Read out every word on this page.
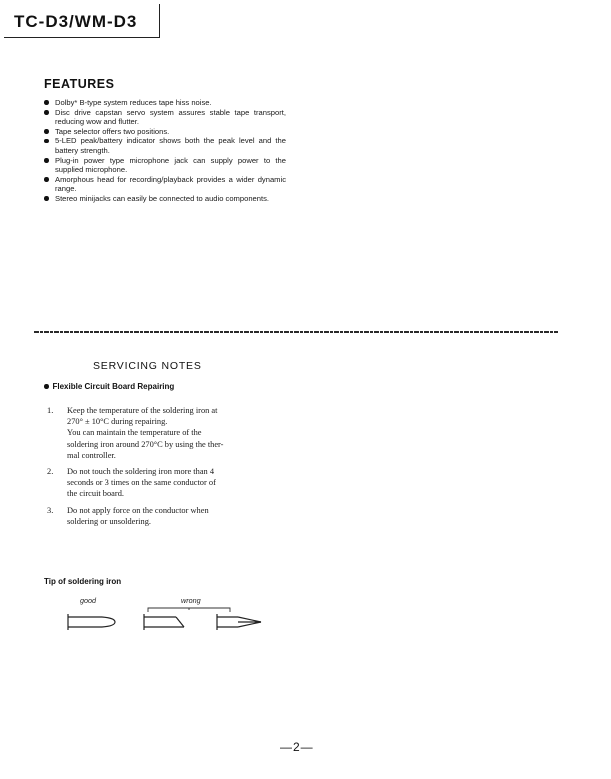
TC-D3/WM-D3
FEATURES
Dolby* B-type system reduces tape hiss noise.
Disc drive capstan servo system assures stable tape transport, reducing wow and flutter.
Tape selector offers two positions.
5-LED peak/battery indicator shows both the peak level and the battery strength.
Plug-in power type microphone jack can supply power to the supplied microphone.
Amorphous head for recording/playback provides a wider dynamic range.
Stereo minijacks can easily be connected to audio components.
SERVICING NOTES
Flexible Circuit Board Repairing
1. Keep the temperature of the soldering iron at
270° ± 10°C during repairing.
You can maintain the temperature of the
soldering iron around 270°C by using the ther-
mal controller.
2. Do not touch the soldering iron more than 4
seconds or 3 times on the same conductor of
the circuit board.
3. Do not apply force on the conductor when
soldering or unsoldering.
Tip of soldering iron
good	wrong
—2—
